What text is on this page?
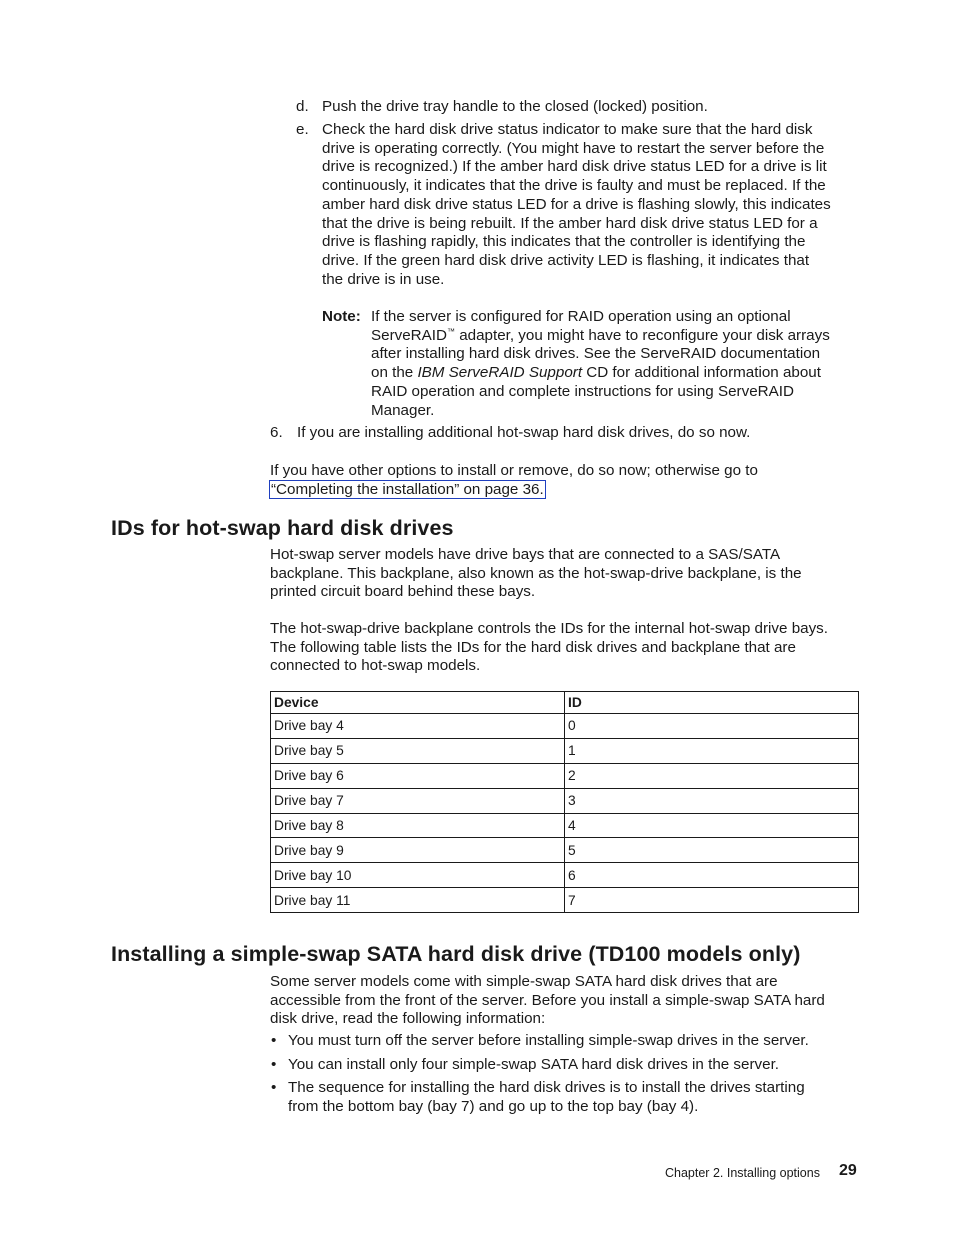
d. Push the drive tray handle to the closed (locked) position.
e. Check the hard disk drive status indicator to make sure that the hard disk
drive is operating correctly. (You might have to restart the server before the
drive is recognized.) If the amber hard disk drive status LED for a drive is lit
continuously, it indicates that the drive is faulty and must be replaced. If the
amber hard disk drive status LED for a drive is flashing slowly, this indicates
that the drive is being rebuilt. If the amber hard disk drive status LED for a
drive is flashing rapidly, this indicates that the controller is identifying the
drive. If the green hard disk drive activity LED is flashing, it indicates that
the drive is in use.
Note: If the server is configured for RAID operation using an optional
ServeRAID™ adapter, you might have to reconfigure your disk arrays
after installing hard disk drives. See the ServeRAID documentation
on the IBM ServeRAID Support CD for additional information about
RAID operation and complete instructions for using ServeRAID
Manager.
6. If you are installing additional hot-swap hard disk drives, do so now.
If you have other options to install or remove, do so now; otherwise go to
“Completing the installation” on page 36.
IDs for hot-swap hard disk drives
Hot-swap server models have drive bays that are connected to a SAS/SATA
backplane. This backplane, also known as the hot-swap-drive backplane, is the
printed circuit board behind these bays.
The hot-swap-drive backplane controls the IDs for the internal hot-swap drive bays.
The following table lists the IDs for the hard disk drives and backplane that are
connected to hot-swap models.
Device	ID
Drive bay 4	0
Drive bay 5	1
Drive bay 6	2
Drive bay 7	3
Drive bay 8	4
Drive bay 9	5
Drive bay 10	6
Drive bay 11	7
Installing a simple-swap SATA hard disk drive (TD100 models only)
Some server models come with simple-swap SATA hard disk drives that are
accessible from the front of the server. Before you install a simple-swap SATA hard
disk drive, read the following information:
• You must turn off the server before installing simple-swap drives in the server.
• You can install only four simple-swap SATA hard disk drives in the server.
• The sequence for installing the hard disk drives is to install the drives starting
from the bottom bay (bay 7) and go up to the top bay (bay 4).
Chapter 2. Installing options 29
